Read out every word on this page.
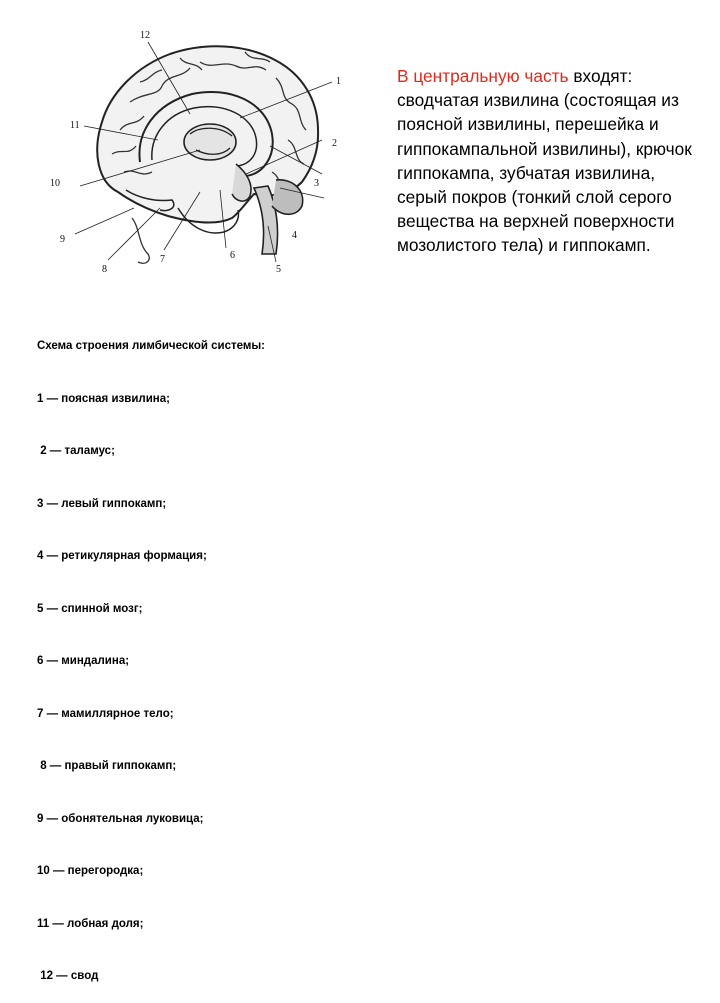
12
11
1
2
3
10
9
8
7	6
5
4

Схема строения лимбической системы:

1 — поясная извилина;

2 — таламус;

3 — левый гиппокамп;

4 — ретикулярная формация;

5 — спинной мозг;

6 — миндалина;

7 — мамиллярное тело;

8 — правый гиппокамп;

9 — обонятельная луковица;

10 — перегородка;

11 — лобная доля;

12 — свод

В центральную часть входят: сводчатая извилина (состоящая из поясной извилины, перешейка и гиппокампальной извилины), крючок гиппокампа, зубчатая извилина, серый покров (тонкий слой серого вещества на верхней поверхности мозолистого тела) и гиппокамп.
